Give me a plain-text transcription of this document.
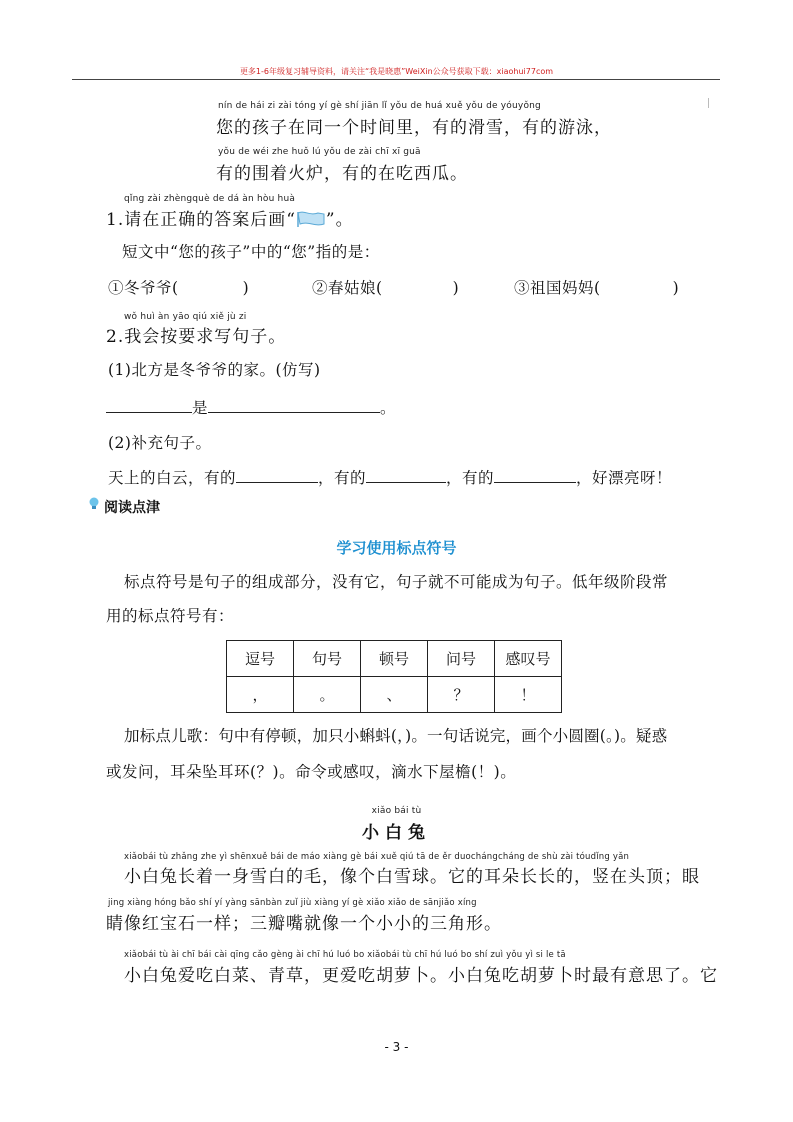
更多1-6年级复习辅导资料，请关注“我是晓惠”WeiXin公众号获取下载：xiaohui77com
nín de hái zi zài tóng yí gè shí jiān lǐ yǒu de huá xuě yǒu de yóuyǒng
您的孩子在同一个时间里，有的滑雪，有的游泳，
yǒu de wéi zhe huǒ lú yǒu de zài chī xī guā
有的围着火炉，有的在吃西瓜。
qǐng zài zhèngquè de dá àn hòu huà
1.请在正确的答案后画“ ”。
短文中“您的孩子”中的“您”指的是：
①冬爷爷(	)	②春姑娘(	)	③祖国妈妈(	)
wǒ huì àn yāo qiú xiě jù zi
2.我会按要求写句子。
(1)北方是冬爷爷的家。(仿写)
是	。
(2)补充句子。
天上的白云，有的	，有的	，有的	，好漂亮呀！
阅读点津
学习使用标点符号
标点符号是句子的组成部分，没有它，句子就不可能成为句子。低年级阶段常
用的标点符号有：
逗号	句号	顿号	问号	感叹号
，	。	、	？	！
加标点儿歌：句中有停顿，加只小蝌蚪(，)。一句话说完，画个小圆圈(。)。疑惑
或发问，耳朵坠耳环(？)。命令或感叹，滴水下屋檐(！)。
xiǎo bái tù
小白兔
xiǎobái tù zhǎng zhe yì shēnxuě bái de máo xiàng gè bái xuě qiú tā de ěr duochángcháng de shù zài tóudǐng yǎn
小白兔长着一身雪白的毛，像个白雪球。它的耳朵长长的，竖在头顶；眼
jing xiàng hóng bǎo shí yí yàng sānbàn zuǐ jiù xiàng yí gè xiǎo xiǎo de sānjiǎo xíng
睛像红宝石一样；三瓣嘴就像一个小小的三角形。
xiǎobái tù ài chī bái cài qīng cǎo gèng ài chī hú luó bo xiǎobái tù chī hú luó bo shí zuì yǒu yì si le tā
小白兔爱吃白菜、青草，更爱吃胡萝卜。小白兔吃胡萝卜时最有意思了。它
- 3 -
